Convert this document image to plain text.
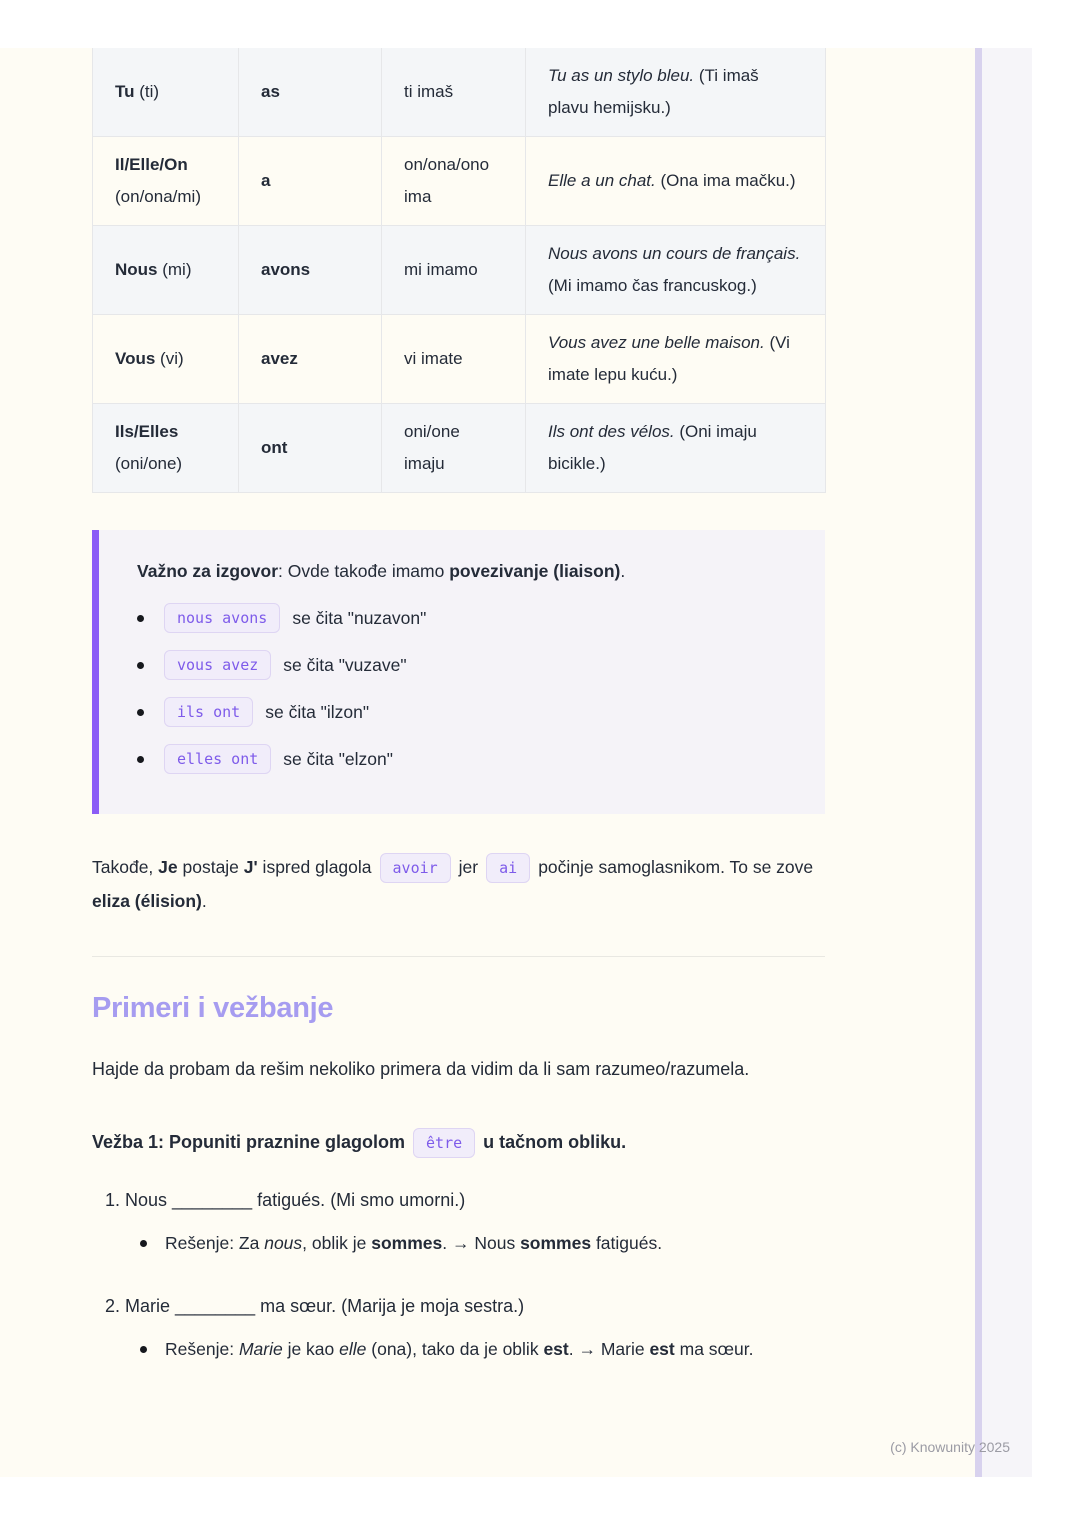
Tu (ti)	as	ti imaš	Tu as un stylo bleu. (Ti imaš plavu hemijsku.)
Il/Elle/On (on/ona/mi)	a	on/ona/ono ima	Elle a un chat. (Ona ima mačku.)
Nous (mi)	avons	mi imamo	Nous avons un cours de français. (Mi imamo čas francuskog.)
Vous (vi)	avez	vi imate	Vous avez une belle maison. (Vi imate lepu kuću.)
Ils/Elles (oni/one)	ont	oni/one imaju	Ils ont des vélos. (Oni imaju bicikle.)
Važno za izgovor: Ovde takođe imamo povezivanje (liaison).
nous avons	se čita "nuzavon"
vous avez	se čita "vuzave"
ils ont	se čita "ilzon"
elles ont	se čita "elzon"

Takođe, Je postaje J' ispred glagola avoir jer ai počinje samoglasnikom. To se zove eliza (élision).

Primeri i vežbanje

Hajde da probam da rešim nekoliko primera da vidim da li sam razumeo/razumela.

Vežba 1: Popuniti praznine glagolom être u tačnom obliku.
1. Nous ________ fatigués. (Mi smo umorni.)
Rešenje: Za nous, oblik je sommes. → Nous sommes fatigués.
2. Marie ________ ma sœur. (Marija je moja sestra.)
Rešenje: Marie je kao elle (ona), tako da je oblik est. → Marie est ma sœur.
(c) Knowunity 2025
